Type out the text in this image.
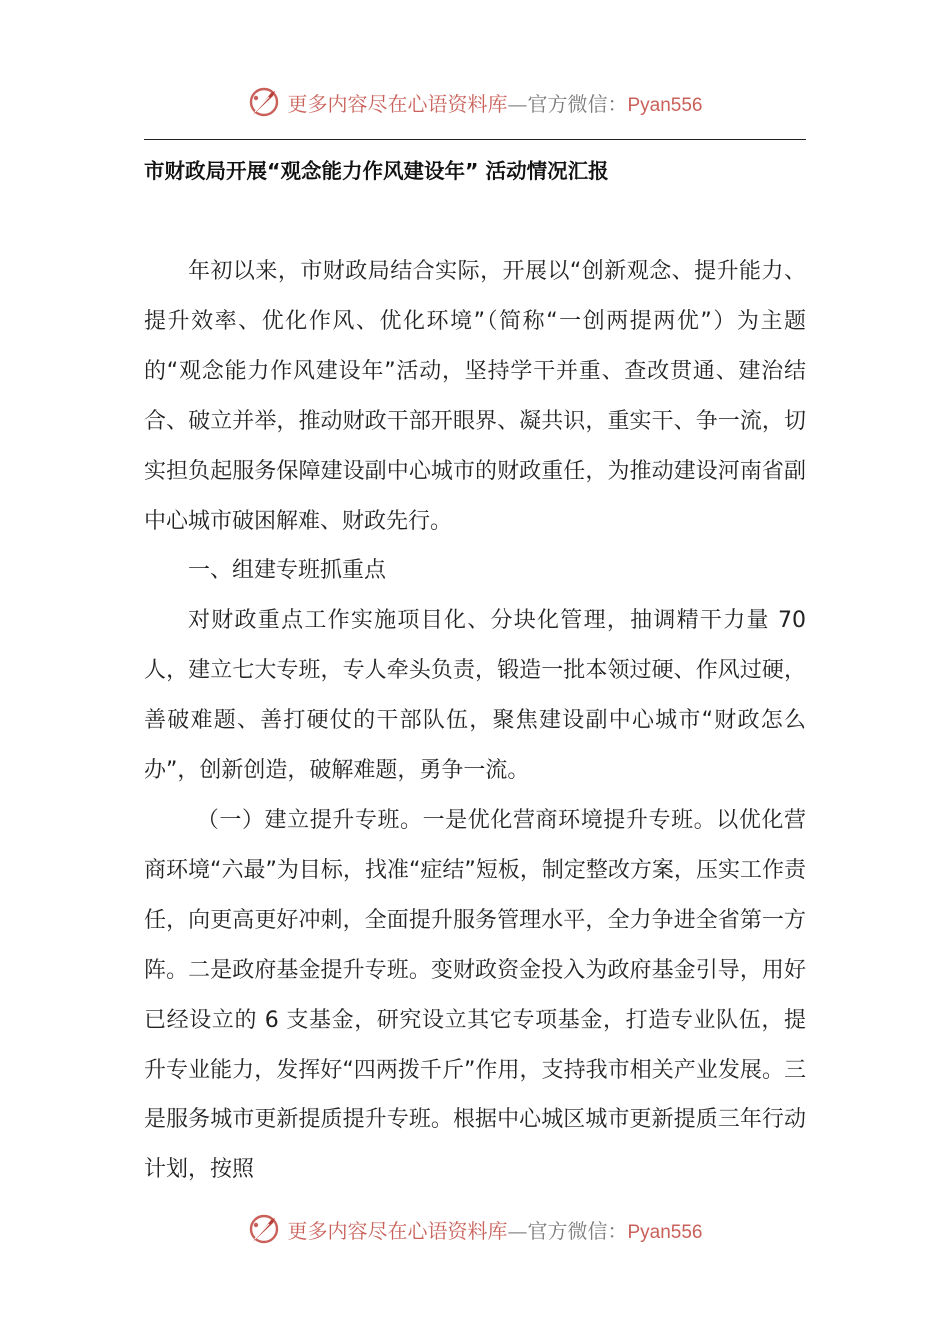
更多内容尽在心语资料库—官方微信：Pyan556
市财政局开展“观念能力作风建设年” 活动情况汇报

年初以来，市财政局结合实际，开展以“创新观念、提升能力、提升效率、优化作风、优化环境”（简称“一创两提两优”）为主题的“观念能力作风建设年”活动，坚持学干并重、查改贯通、建治结合、破立并举，推动财政干部开眼界、凝共识，重实干、争一流，切实担负起服务保障建设副中心城市的财政重任，为推动建设河南省副中心城市破困解难、财政先行。

一、组建专班抓重点

对财政重点工作实施项目化、分块化管理，抽调精干力量 70 人，建立七大专班，专人牵头负责，锻造一批本领过硬、作风过硬，善破难题、善打硬仗的干部队伍，聚焦建设副中心城市“财政怎么办”，创新创造，破解难题，勇争一流。

（一）建立提升专班。一是优化营商环境提升专班。以优化营商环境“六最”为目标，找准“症结”短板，制定整改方案，压实工作责任，向更高更好冲刺，全面提升服务管理水平，全力争进全省第一方阵。二是政府基金提升专班。变财政资金投入为政府基金引导，用好已经设立的 6 支基金，研究设立其它专项基金，打造专业队伍，提升专业能力，发挥好“四两拨千斤”作用，支持我市相关产业发展。三是服务城市更新提质提升专班。根据中心城区城市更新提质三年行动计划，按照

更多内容尽在心语资料库—官方微信：Pyan556
